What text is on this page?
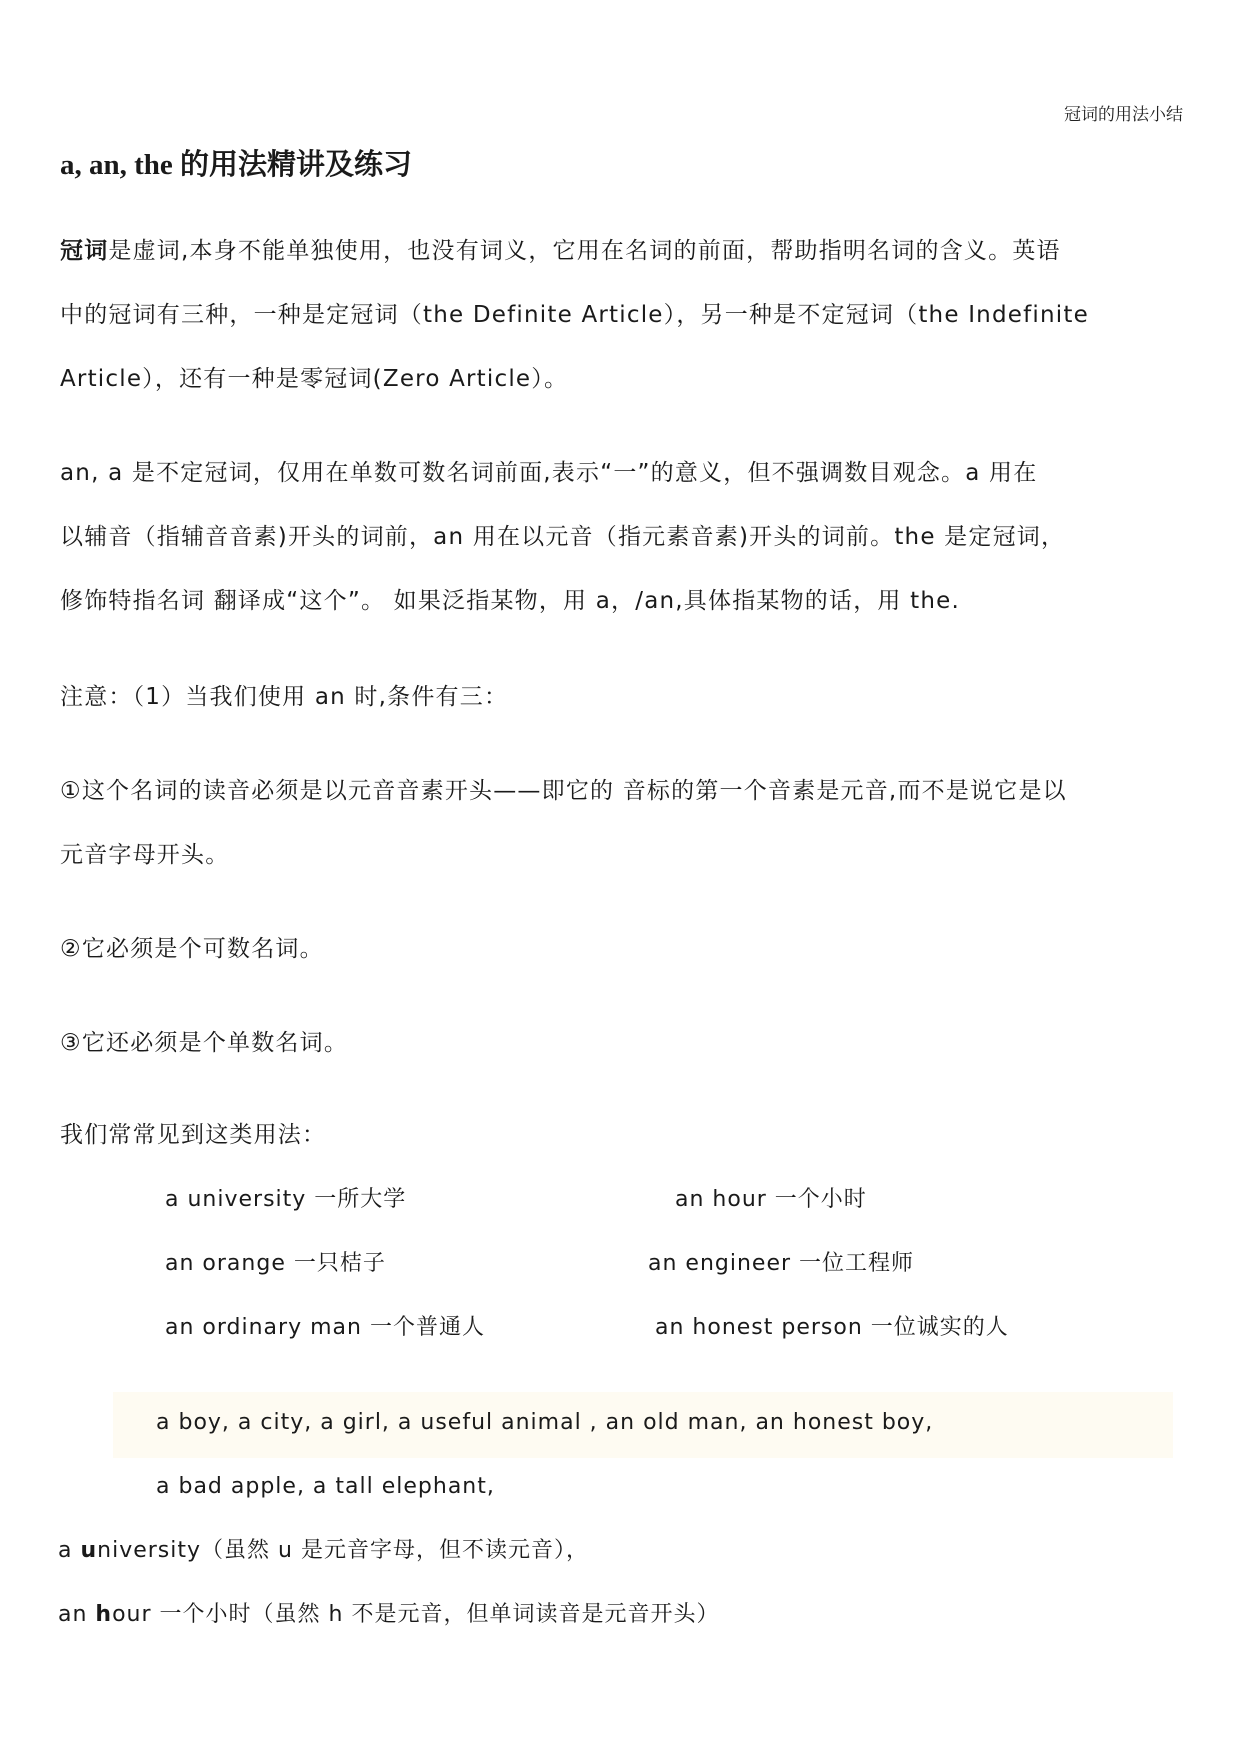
冠词的用法小结
a, an, the 的用法精讲及练习
冠词是虚词,本身不能单独使用，也没有词义，它用在名词的前面，帮助指明名词的含义。英语
中的冠词有三种，一种是定冠词（the Definite Article），另一种是不定冠词（the Indefinite
Article），还有一种是零冠词(Zero Article）。
an, a 是不定冠词，仅用在单数可数名词前面,表示“一”的意义，但不强调数目观念。a 用在
以辅音（指辅音音素)开头的词前，an 用在以元音（指元素音素)开头的词前。the 是定冠词，
修饰特指名词 翻译成“这个”。 如果泛指某物，用 a，/an,具体指某物的话，用 the.
注意：（1）当我们使用 an 时,条件有三：
①这个名词的读音必须是以元音音素开头——即它的 音标的第一个音素是元音,而不是说它是以
元音字母开头。
②它必须是个可数名词。
③它还必须是个单数名词。
我们常常见到这类用法：
a university 一所大学
an orange 一只桔子
an ordinary man 一个普通人
an hour 一个小时
an engineer 一位工程师
an honest person 一位诚实的人
a boy, a city, a girl, a useful animal , an old man, an honest boy,
a bad apple, a tall elephant,
a university（虽然 u 是元音字母，但不读元音），
an hour 一个小时（虽然 h 不是元音，但单词读音是元音开头）
